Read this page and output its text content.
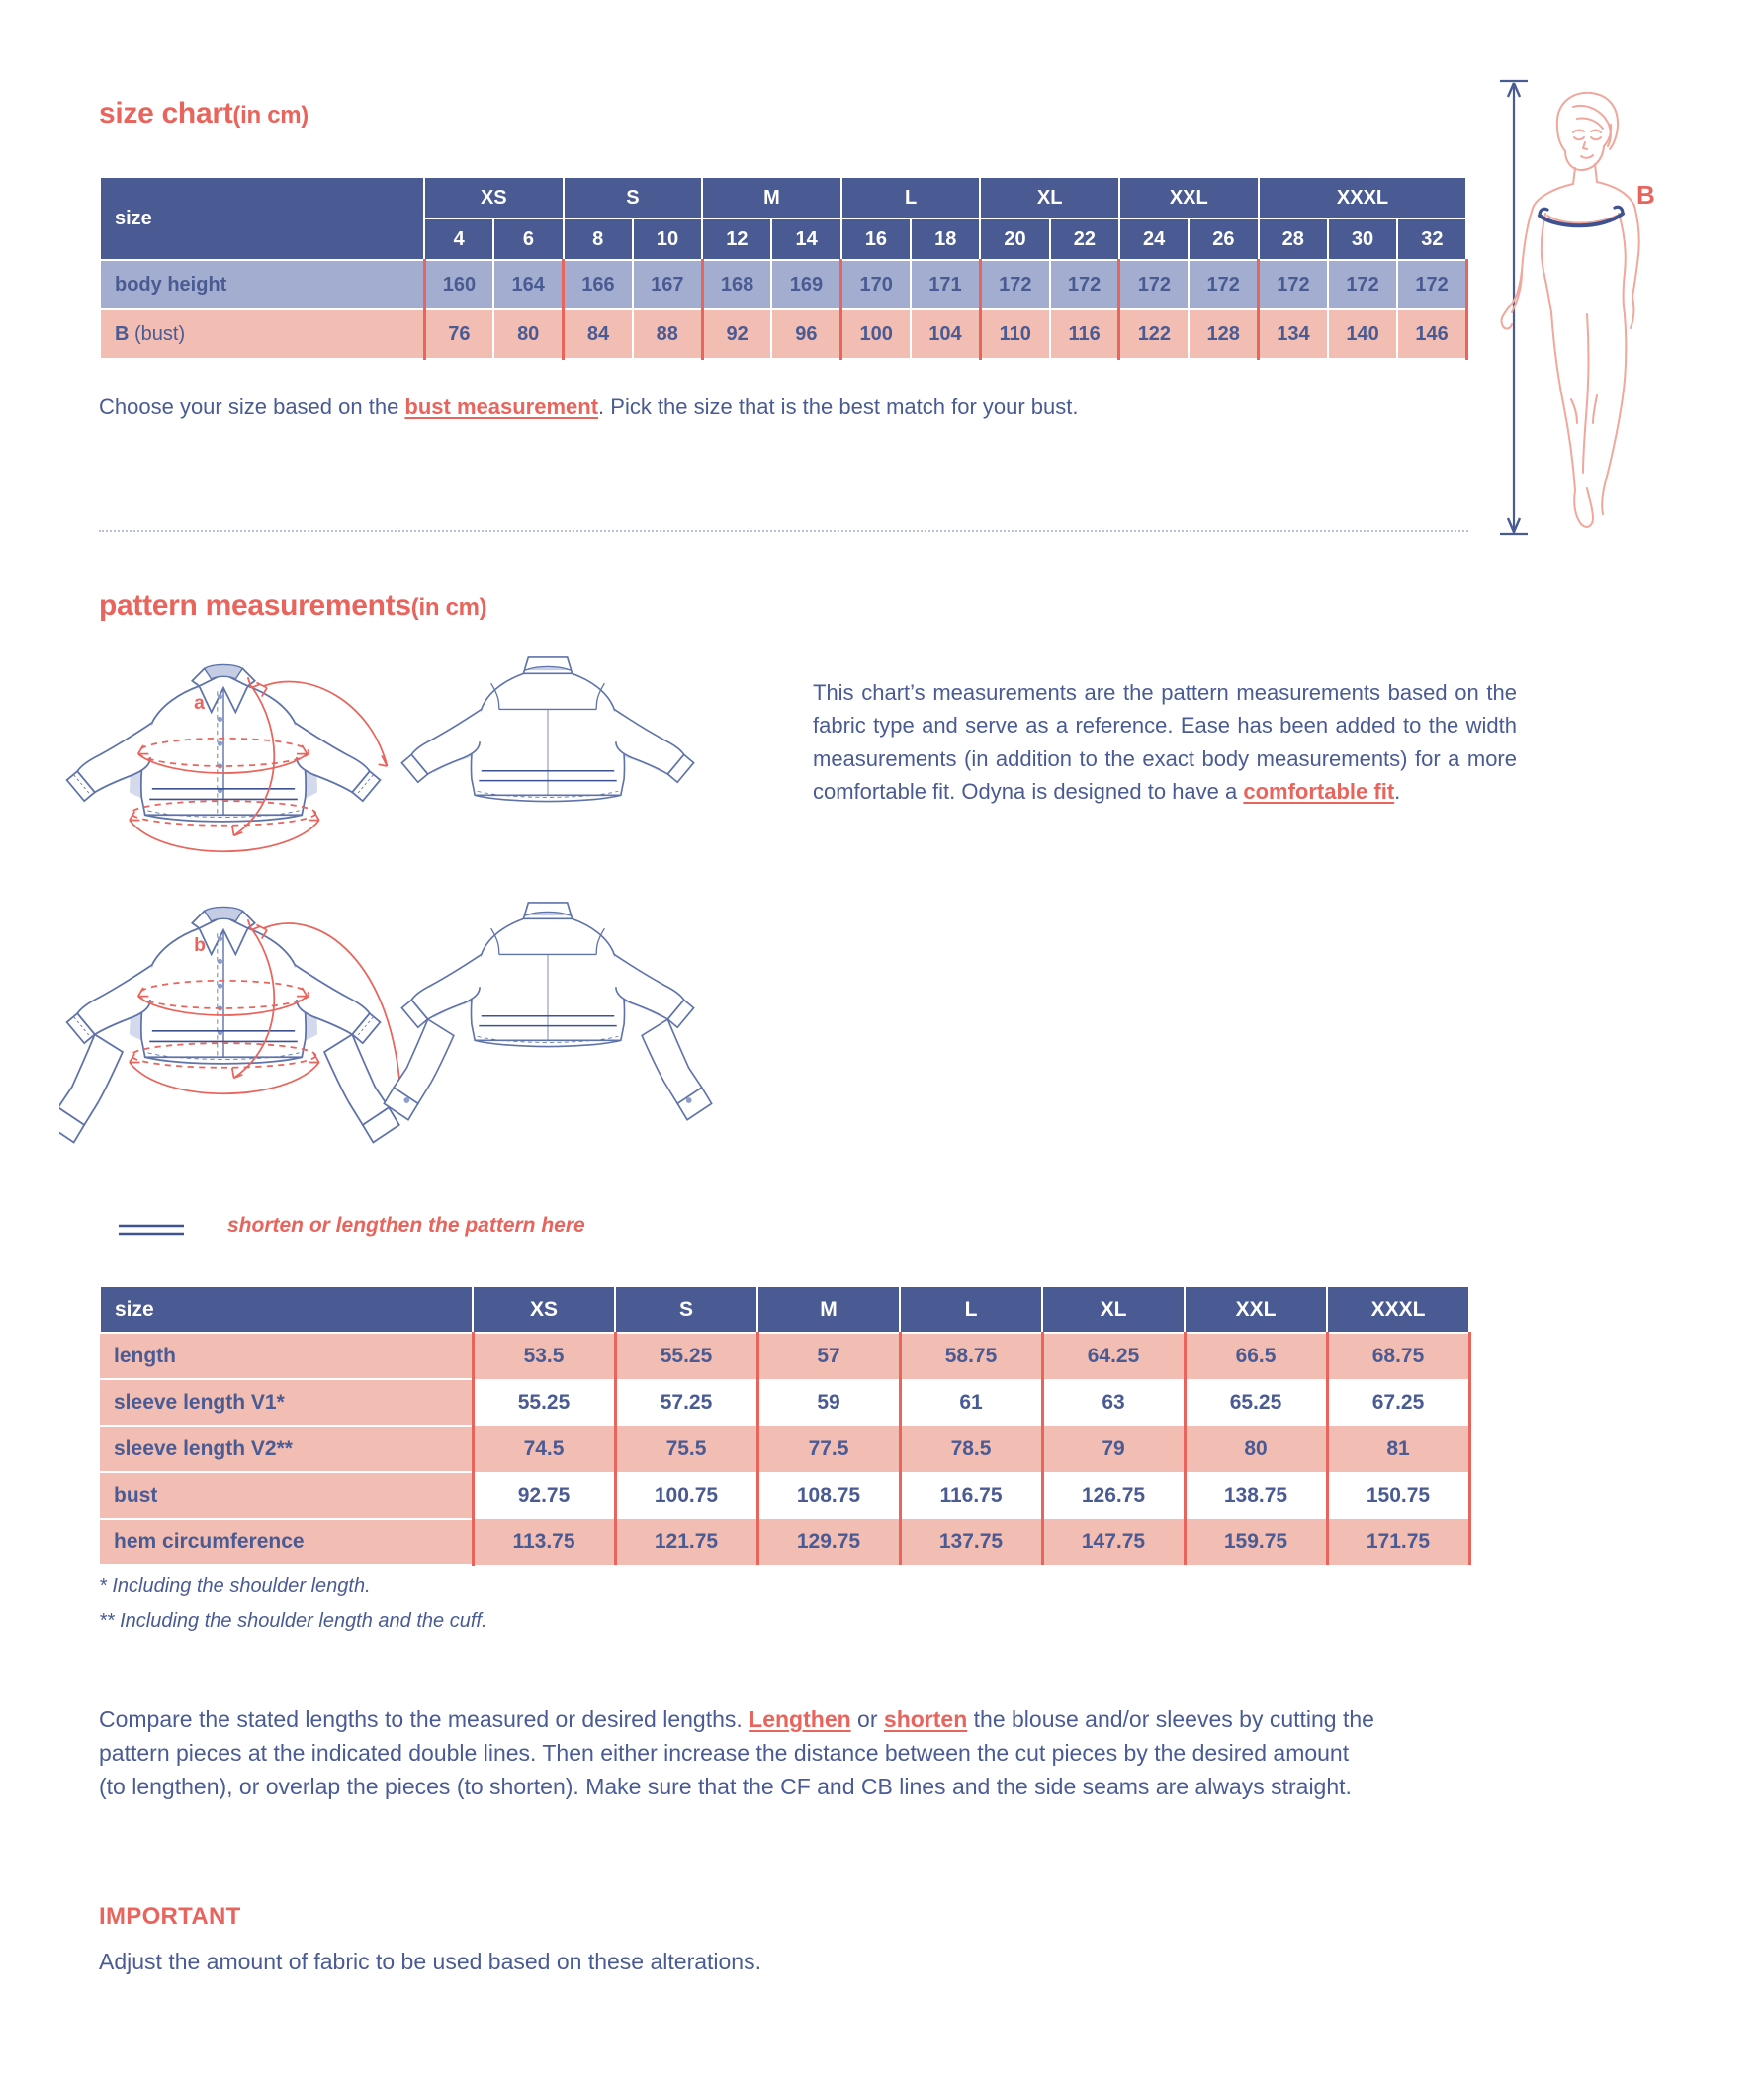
size chart(in cm)
size	XS		S		M		L		XL		XXL		XXXL		
	4	6	8	10	12	14	16	18	20	22	24	26	28	30	32
body height	160	164	166	167	168	169	170	171	172	172	172	172	172	172	172
B (bust)	76	80	84	88	92	96	100	104	110	116	122	128	134	140	146
Choose your size based on the bust measurement. Pick the size that is the best match for your bust.
B
pattern measurements(in cm)
a
b
This chart’s measurements are the pattern measurements based on the fabric type and serve as a reference. Ease has been added to the width measurements (in addition to the exact body measurements) for a more comfortable fit. Odyna is designed to have a comfortable fit.
shorten or lengthen the pattern here
size	XS	S	M	L	XL	XXL	XXXL
length	53.5	55.25	57	58.75	64.25	66.5	68.75
sleeve length V1*	55.25	57.25	59	61	63	65.25	67.25
sleeve length V2**	74.5	75.5	77.5	78.5	79	80	81
bust	92.75	100.75	108.75	116.75	126.75	138.75	150.75
hem circumference	113.75	121.75	129.75	137.75	147.75	159.75	171.75
* Including the shoulder length.
** Including the shoulder length and the cuff.
Compare the stated lengths to the measured or desired lengths. Lengthen or shorten the blouse and/or sleeves by cutting the pattern pieces at the indicated double lines. Then either increase the distance between the cut pieces by the desired amount (to lengthen), or overlap the pieces (to shorten). Make sure that the CF and CB lines and the side seams are always straight.
IMPORTANT
Adjust the amount of fabric to be used based on these alterations.
